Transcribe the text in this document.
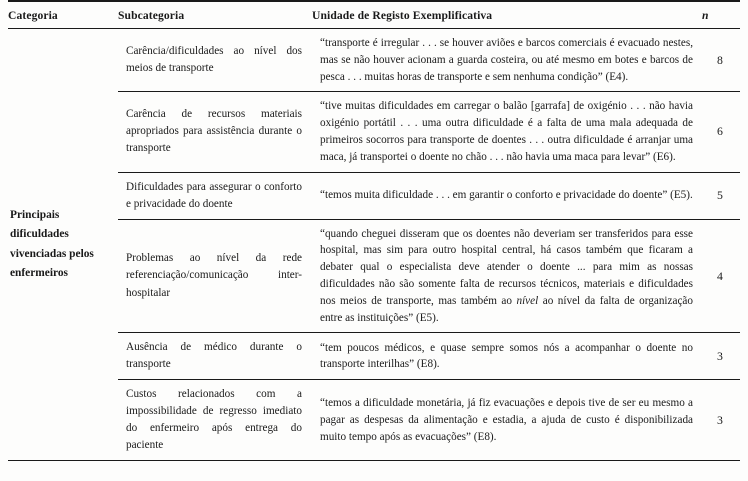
Categoria	Subcategoria	Unidade de Registo Exemplificativa	n
Principais dificuldades vivenciadas pelos enfermeiros	Carência/dificuldades ao nível dos meios de transporte	“transporte é irregular . . . se houver aviões e barcos comerciais é evacuado nestes, mas se não houver acionam a guarda costeira, ou até mesmo em botes e barcos de pesca . . . muitas horas de transporte e sem nenhuma condição” (E4).	8
	Carência de recursos materiais apropriados para assistência durante o transporte	“tive muitas dificuldades em carregar o balão [garrafa] de oxigénio . . . não havia oxigénio portátil . . . uma outra dificuldade é a falta de uma mala adequada de primeiros socorros para transporte de doentes . . . outra dificuldade é arranjar uma maca, já transportei o doente no chão . . . não havia uma maca para levar” (E6).	6
	Dificuldades para assegurar o conforto e privacidade do doente	“temos muita dificuldade . . . em garantir o conforto e privacidade do doente” (E5).	5
	Problemas ao nível da rede referenciação/comunicação inter-hospitalar	“quando cheguei disseram que os doentes não deveriam ser transferidos para esse hospital, mas sim para outro hospital central, há casos também que ficaram a debater qual o especialista deve atender o doente ... para mim as nossas dificuldades não são somente falta de recursos técnicos, materiais e dificuldades nos meios de transporte, mas também ao nível ao nível da falta de organização entre as instituições” (E5).	4
	Ausência de médico durante o transporte	“tem poucos médicos, e quase sempre somos nós a acompanhar o doente no transporte interilhas” (E8).	3
	Custos relacionados com a impossibilidade de regresso imediato do enfermeiro após entrega do paciente	“temos a dificuldade monetária, já fiz evacuações e depois tive de ser eu mesmo a pagar as despesas da alimentação e estadia, a ajuda de custo é disponibilizada muito tempo após as evacuações” (E8).	3
